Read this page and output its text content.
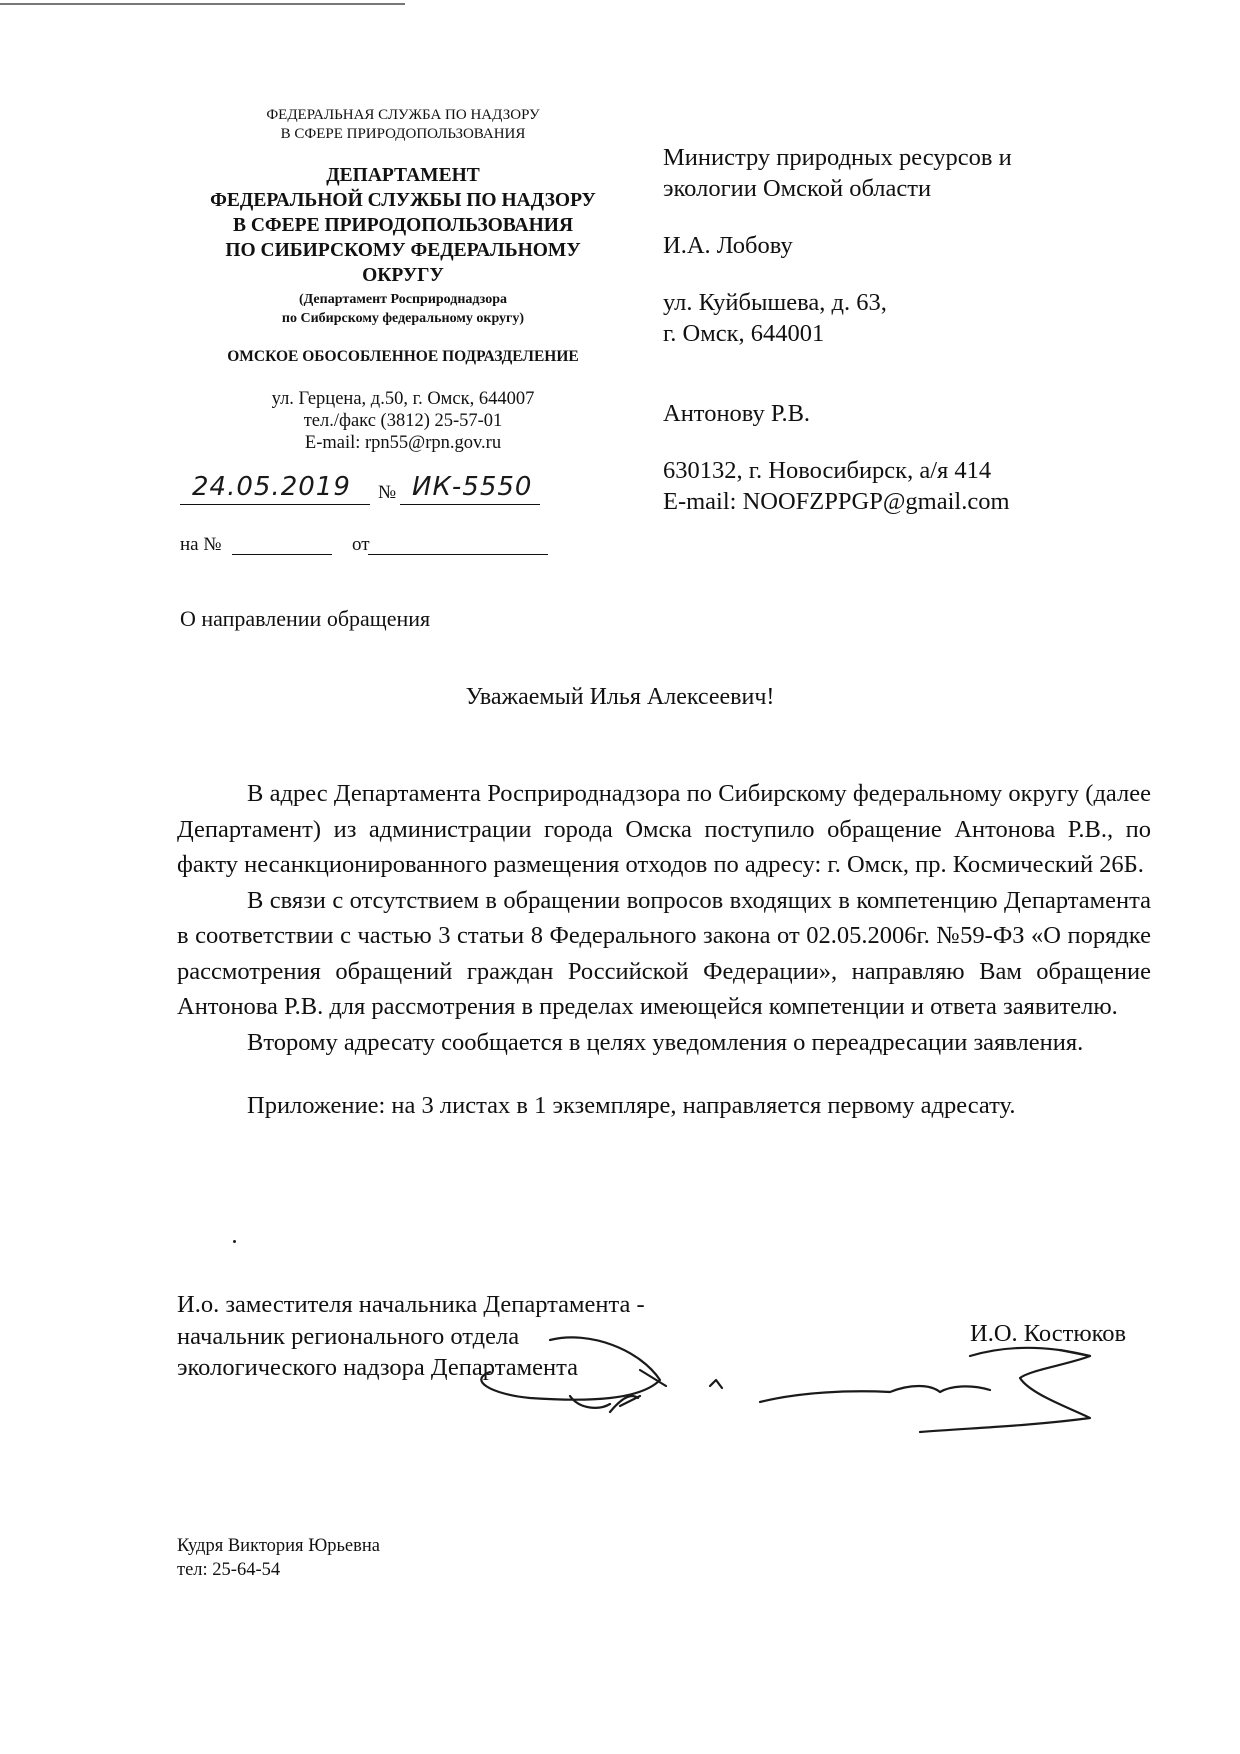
ФЕДЕРАЛЬНАЯ СЛУЖБА ПО НАДЗОРУ
В СФЕРЕ ПРИРОДОПОЛЬЗОВАНИЯ
ДЕПАРТАМЕНТ
ФЕДЕРАЛЬНОЙ СЛУЖБЫ ПО НАДЗОРУ
В СФЕРЕ ПРИРОДОПОЛЬЗОВАНИЯ
ПО СИБИРСКОМУ ФЕДЕРАЛЬНОМУ
ОКРУГУ
(Департамент Росприроднадзора
по Сибирскому федеральному округу)
ОМСКОЕ ОБОСОБЛЕННОЕ ПОДРАЗДЕЛЕНИЕ
ул. Герцена, д.50, г. Омск, 644007
тел./факс (3812) 25-57-01
E-mail: rpn55@rpn.gov.ru
24.05.2019 № ИК-5550
на №	от

Министру природных ресурсов и

экологии Омской области

И.А. Лобову

ул. Куйбышева, д. 63,

г. Омск, 644001

Антонову Р.В.

630132, г. Новосибирск, а/я 414

E-mail: NOOFZPPGP@gmail.com

О направлении обращения
Уважаемый Илья Алексеевич!

В адрес Департамента Росприроднадзора по Сибирскому федеральному округу (далее Департамент) из администрации города Омска поступило обращение Антонова Р.В., по факту несанкционированного размещения отходов по адресу: г. Омск, пр. Космический 26Б.

В связи с отсутствием в обращении вопросов входящих в компетенцию Департамента в соответствии с частью 3 статьи 8 Федерального закона от 02.05.2006г. №59-ФЗ «О порядке рассмотрения обращений граждан Российской Федерации», направляю Вам обращение Антонова Р.В. для рассмотрения в пределах имеющейся компетенции и ответа заявителю.

Второму адресату сообщается в целях уведомления о переадресации заявления.

Приложение: на 3 листах в 1 экземпляре, направляется первому адресату.

И.о. заместителя начальника Департамента -
начальник регионального отдела
экологического надзора Департамента
И.О. Костюков
Кудря Виктория Юрьевна
тел: 25-64-54
